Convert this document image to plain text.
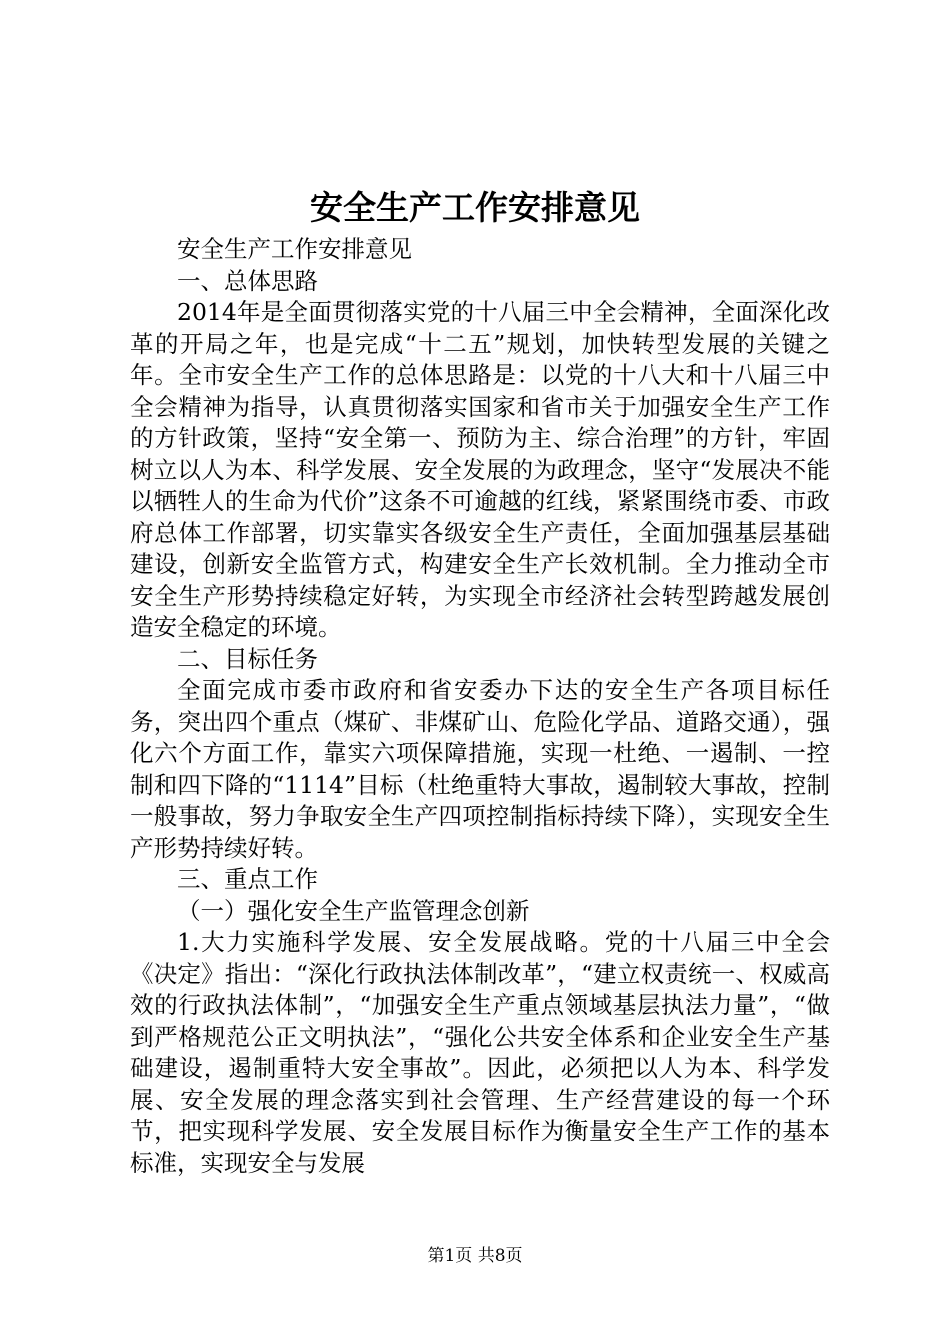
安全生产工作安排意见

安全生产工作安排意见

一、总体思路

2014年是全面贯彻落实党的十八届三中全会精神，全面深化改革的开局之年，也是完成“十二五”规划，加快转型发展的关键之年。全市安全生产工作的总体思路是：以党的十八大和十八届三中全会精神为指导，认真贯彻落实国家和省市关于加强安全生产工作的方针政策，坚持“安全第一、预防为主、综合治理”的方针，牢固树立以人为本、科学发展、安全发展的为政理念，坚守“发展决不能以牺牲人的生命为代价”这条不可逾越的红线，紧紧围绕市委、市政府总体工作部署，切实靠实各级安全生产责任，全面加强基层基础建设，创新安全监管方式，构建安全生产长效机制。全力推动全市安全生产形势持续稳定好转，为实现全市经济社会转型跨越发展创造安全稳定的环境。

二、目标任务

全面完成市委市政府和省安委办下达的安全生产各项目标任务，突出四个重点（煤矿、非煤矿山、危险化学品、道路交通），强化六个方面工作，靠实六项保障措施，实现一杜绝、一遏制、一控制和四下降的“1114”目标（杜绝重特大事故，遏制较大事故，控制一般事故，努力争取安全生产四项控制指标持续下降），实现安全生产形势持续好转。

三、重点工作

（一）强化安全生产监管理念创新

1.大力实施科学发展、安全发展战略。党的十八届三中全会《决定》指出：“深化行政执法体制改革”，“建立权责统一、权威高效的行政执法体制”，“加强安全生产重点领域基层执法力量”，“做到严格规范公正文明执法”，“强化公共安全体系和企业安全生产基础建设，遏制重特大安全事故”。因此，必须把以人为本、科学发展、安全发展的理念落实到社会管理、生产经营建设的每一个环节，把实现科学发展、安全发展目标作为衡量安全生产工作的基本标准，实现安全与发展

第1页 共8页
